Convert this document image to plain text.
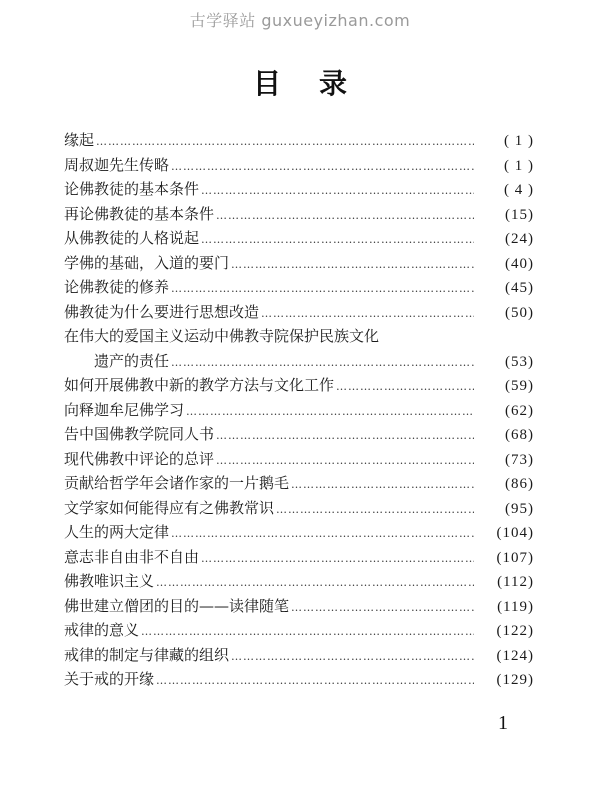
古学驿站 guxueyizhan.com
目录
缘起 ………………………………………………………………………………………………………………………………………………………………………………………………	( 1 )
周叔迦先生传略 ………………………………………………………………………………………………………………………………………………………………………………………………	( 1 )
论佛教徒的基本条件 ………………………………………………………………………………………………………………………………………………………………………………………………	( 4 )
再论佛教徒的基本条件 ………………………………………………………………………………………………………………………………………………………………………………………………	(15)
从佛教徒的人格说起 ………………………………………………………………………………………………………………………………………………………………………………………………	(24)
学佛的基础，入道的要门 ………………………………………………………………………………………………………………………………………………………………………………………………	(40)
论佛教徒的修养 ………………………………………………………………………………………………………………………………………………………………………………………………	(45)
佛教徒为什么要进行思想改造 ………………………………………………………………………………………………………………………………………………………………………………………………	(50)
在伟大的爱国主义运动中佛教寺院保护民族文化
遗产的责任 ………………………………………………………………………………………………………………………………………………………………………………………………	(53)
如何开展佛教中新的教学方法与文化工作 ………………………………………………………………………………………………………………………………………………………………………………………………	(59)
向释迦牟尼佛学习 ………………………………………………………………………………………………………………………………………………………………………………………………	(62)
告中国佛教学院同人书 ………………………………………………………………………………………………………………………………………………………………………………………………	(68)
现代佛教中评论的总评 ………………………………………………………………………………………………………………………………………………………………………………………………	(73)
贡献给哲学年会诸作家的一片鹅毛 ………………………………………………………………………………………………………………………………………………………………………………………………	(86)
文学家如何能得应有之佛教常识 ………………………………………………………………………………………………………………………………………………………………………………………………	(95)
人生的两大定律 ………………………………………………………………………………………………………………………………………………………………………………………………	(104)
意志非自由非不自由 ………………………………………………………………………………………………………………………………………………………………………………………………	(107)
佛教唯识主义 ………………………………………………………………………………………………………………………………………………………………………………………………	(112)
佛世建立僧团的目的——读律随笔 ………………………………………………………………………………………………………………………………………………………………………………………………	(119)
戒律的意义 ………………………………………………………………………………………………………………………………………………………………………………………………	(122)
戒律的制定与律藏的组织 ………………………………………………………………………………………………………………………………………………………………………………………………	(124)
关于戒的开缘 ………………………………………………………………………………………………………………………………………………………………………………………………	(129)
1
